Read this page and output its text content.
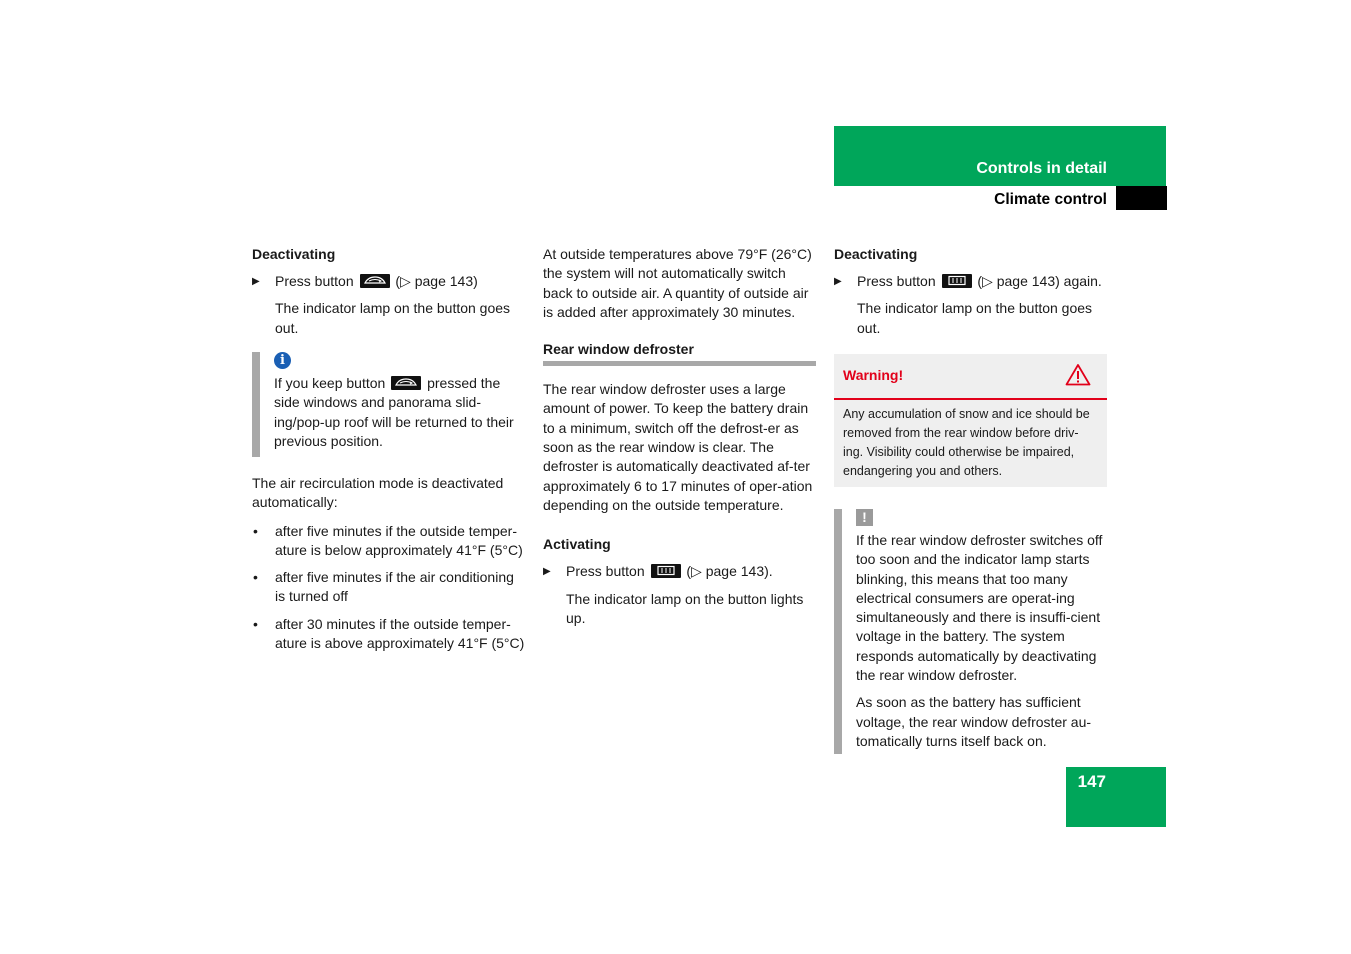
Controls in detail
Climate control
Deactivating
▶ Press button	(▷ page 143)

The indicator lamp on the button goes out.

i

If you keep button	pressed the side windows and panorama slid-ing/pop-up roof will be returned to their previous position.

The air recirculation mode is deactivated automatically:

• after five minutes if the outside temper-ature is below approximately 41°F (5°C)
• after five minutes if the air conditioning is turned off
• after 30 minutes if the outside temper-ature is above approximately 41°F (5°C)

At outside temperatures above 79°F (26°C) the system will not automatically switch back to outside air. A quantity of outside air is added after approximately 30 minutes.

Rear window defroster

The rear window defroster uses a large amount of power. To keep the battery drain to a minimum, switch off the defrost-er as soon as the rear window is clear. The defroster is automatically deactivated af-ter approximately 6 to 17 minutes of oper-ation depending on the outside temperature.

Activating
▶ Press button	(▷ page 143).

The indicator lamp on the button lights up.

Deactivating
▶ Press button	(▷ page 143) again.

The indicator lamp on the button goes out.

Warning!

Any accumulation of snow and ice should be removed from the rear window before driv-ing. Visibility could otherwise be impaired, endangering you and others.

!

If the rear window defroster switches off too soon and the indicator lamp starts blinking, this means that too many electrical consumers are operat-ing simultaneously and there is insuffi-cient voltage in the battery. The system responds automatically by deactivating the rear window defroster.

As soon as the battery has sufficient voltage, the rear window defroster au-tomatically turns itself back on.

147
